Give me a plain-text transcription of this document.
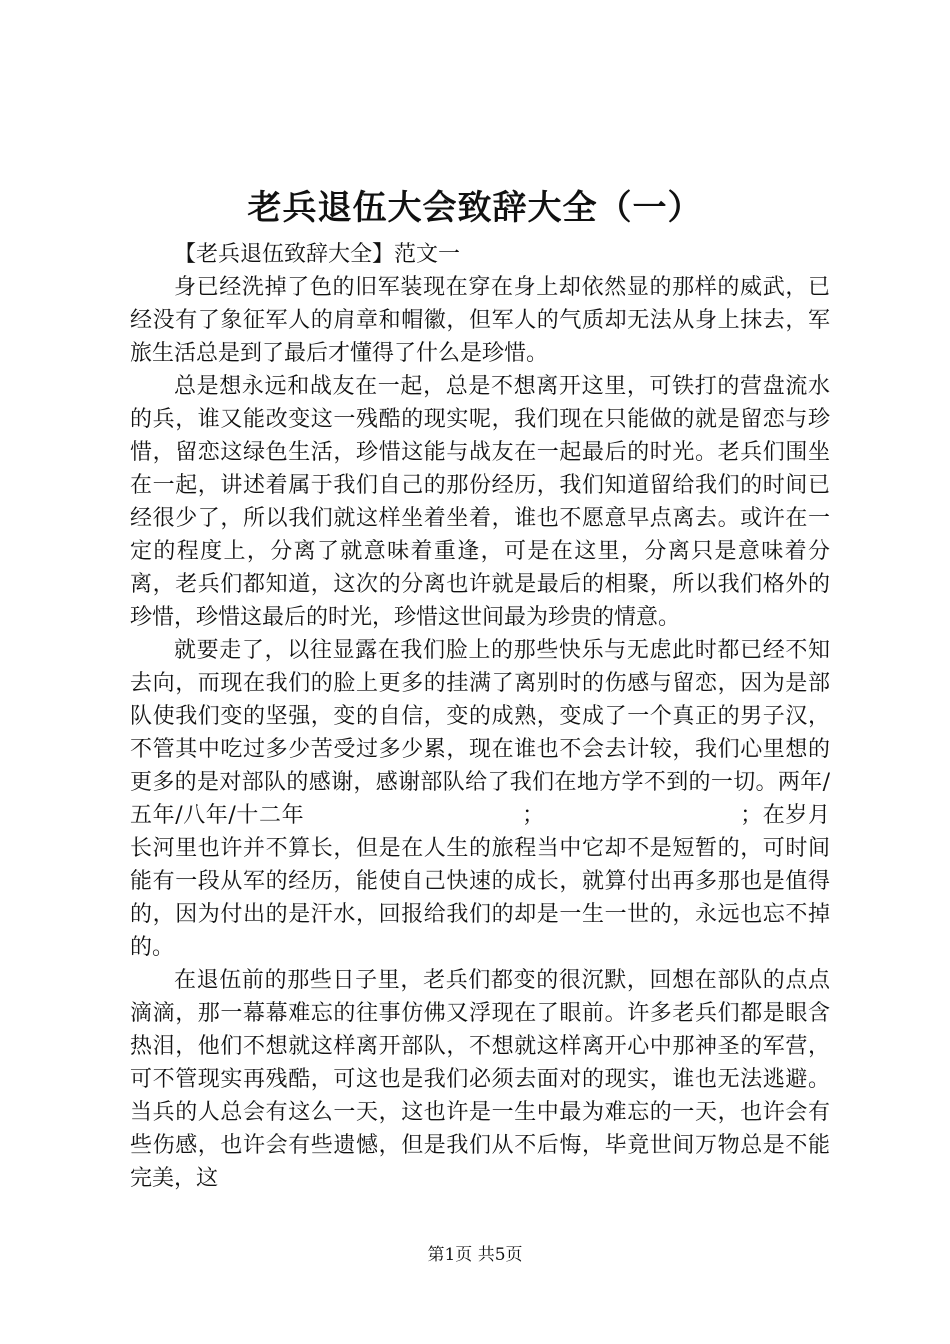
老兵退伍大会致辞大全（一）

【老兵退伍致辞大全】范文一

身已经洗掉了色的旧军装现在穿在身上却依然显的那样的威武，已经没有了象征军人的肩章和帽徽，但军人的气质却无法从身上抹去，军旅生活总是到了最后才懂得了什么是珍惜。

总是想永远和战友在一起，总是不想离开这里，可铁打的营盘流水的兵，谁又能改变这一残酷的现实呢，我们现在只能做的就是留恋与珍惜，留恋这绿色生活，珍惜这能与战友在一起最后的时光。老兵们围坐在一起，讲述着属于我们自己的那份经历，我们知道留给我们的时间已经很少了，所以我们就这样坐着坐着，谁也不愿意早点离去。或许在一定的程度上，分离了就意味着重逢，可是在这里，分离只是意味着分离，老兵们都知道，这次的分离也许就是最后的相聚，所以我们格外的珍惜，珍惜这最后的时光，珍惜这世间最为珍贵的情意。

就要走了，以往显露在我们脸上的那些快乐与无虑此时都已经不知去向，而现在我们的脸上更多的挂满了离别时的伤感与留恋，因为是部队使我们变的坚强，变的自信，变的成熟，变成了一个真正的男子汉，不管其中吃过多少苦受过多少累，现在谁也不会去计较，我们心里想的更多的是对部队的感谢，感谢部队给了我们在地方学不到的一切。两年/五年/八年/十二年	；	；在岁月长河里也许并不算长，但是在人生的旅程当中它却不是短暂的，可时间能有一段从军的经历，能使自己快速的成长，就算付出再多那也是值得的，因为付出的是汗水，回报给我们的却是一生一世的，永远也忘不掉的。

在退伍前的那些日子里，老兵们都变的很沉默，回想在部队的点点滴滴，那一幕幕难忘的往事仿佛又浮现在了眼前。许多老兵们都是眼含热泪，他们不想就这样离开部队，不想就这样离开心中那神圣的军营，可不管现实再残酷，可这也是我们必须去面对的现实，谁也无法逃避。当兵的人总会有这么一天，这也许是一生中最为难忘的一天，也许会有些伤感，也许会有些遗憾，但是我们从不后悔，毕竟世间万物总是不能完美，这

第1页 共5页
